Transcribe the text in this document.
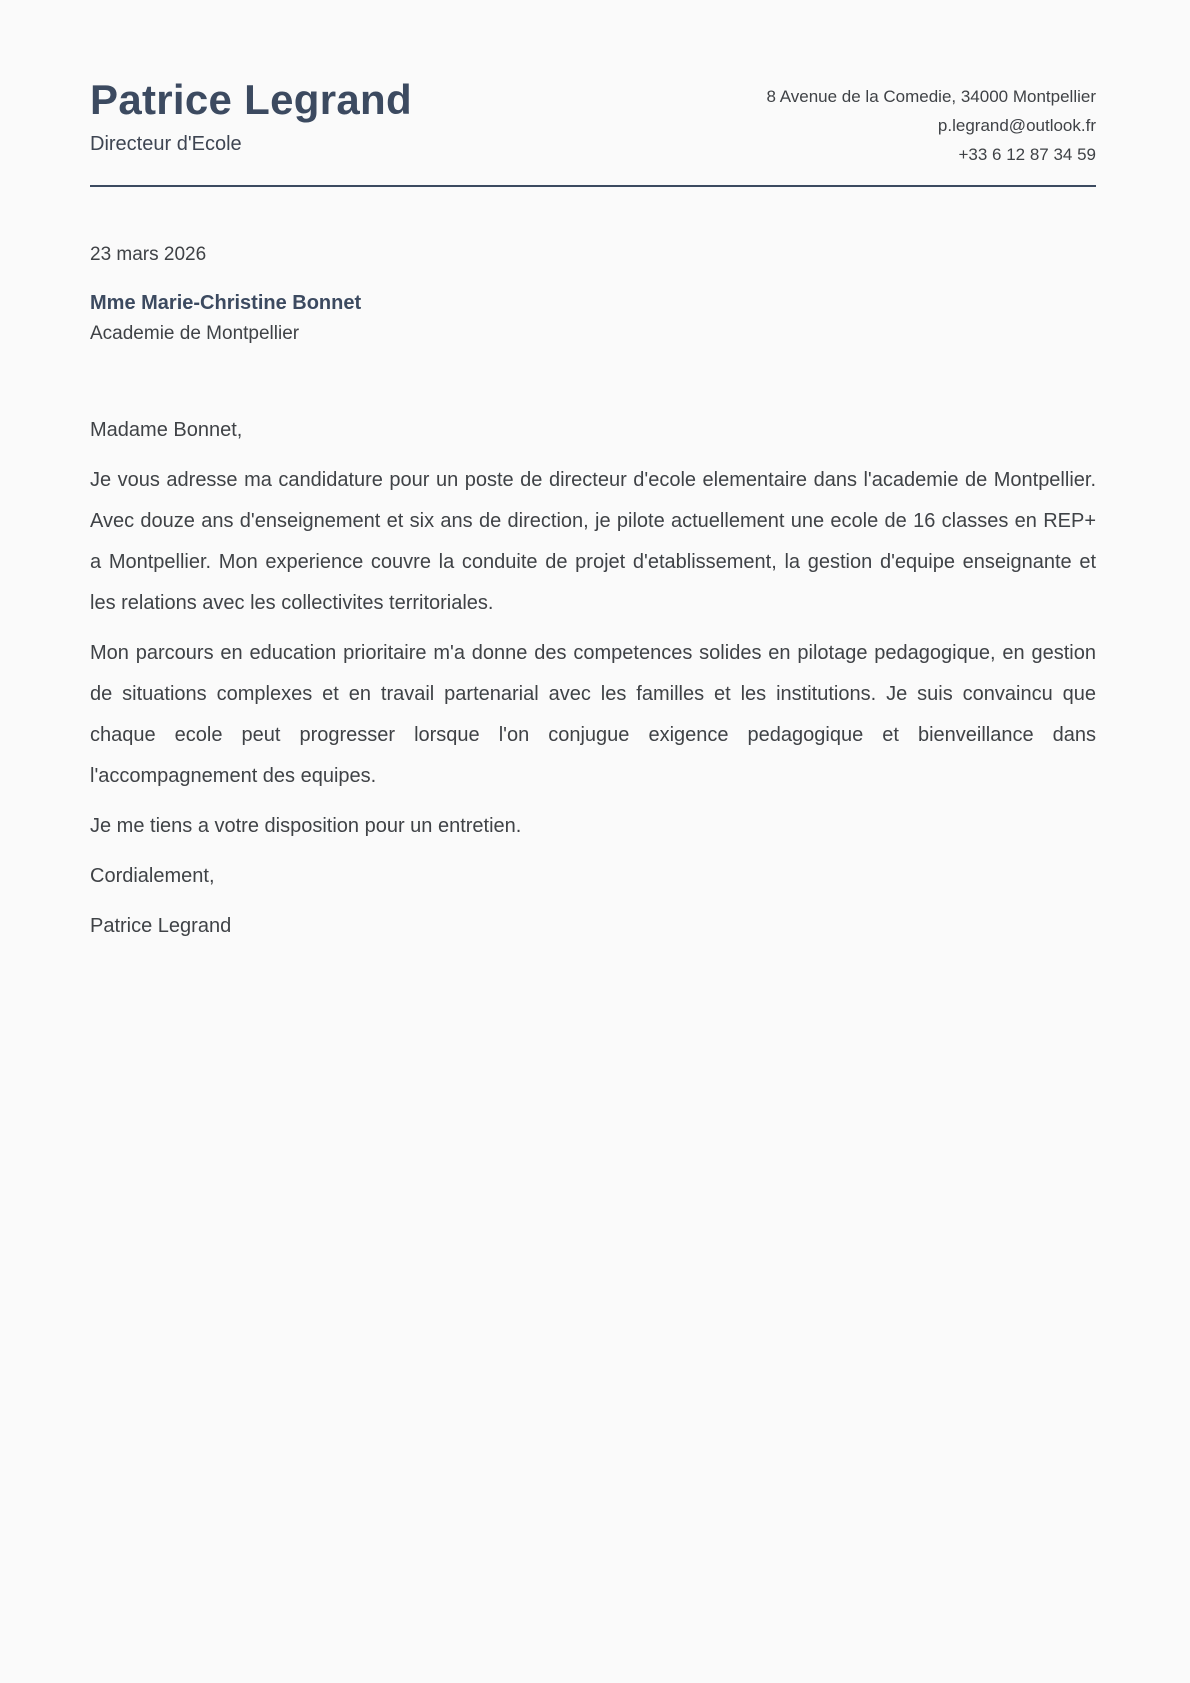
Patrice Legrand
Directeur d'Ecole
8 Avenue de la Comedie, 34000 Montpellier
p.legrand@outlook.fr
+33 6 12 87 34 59
23 mars 2026
Mme Marie-Christine Bonnet
Academie de Montpellier

Madame Bonnet,

Je vous adresse ma candidature pour un poste de directeur d'ecole elementaire dans l'academie de Montpellier. Avec douze ans d'enseignement et six ans de direction, je pilote actuellement une ecole de 16 classes en REP+ a Montpellier. Mon experience couvre la conduite de projet d'etablissement, la gestion d'equipe enseignante et les relations avec les collectivites territoriales.

Mon parcours en education prioritaire m'a donne des competences solides en pilotage pedagogique, en gestion de situations complexes et en travail partenarial avec les familles et les institutions. Je suis convaincu que chaque ecole peut progresser lorsque l'on conjugue exigence pedagogique et bienveillance dans l'accompagnement des equipes.

Je me tiens a votre disposition pour un entretien.

Cordialement,

Patrice Legrand
